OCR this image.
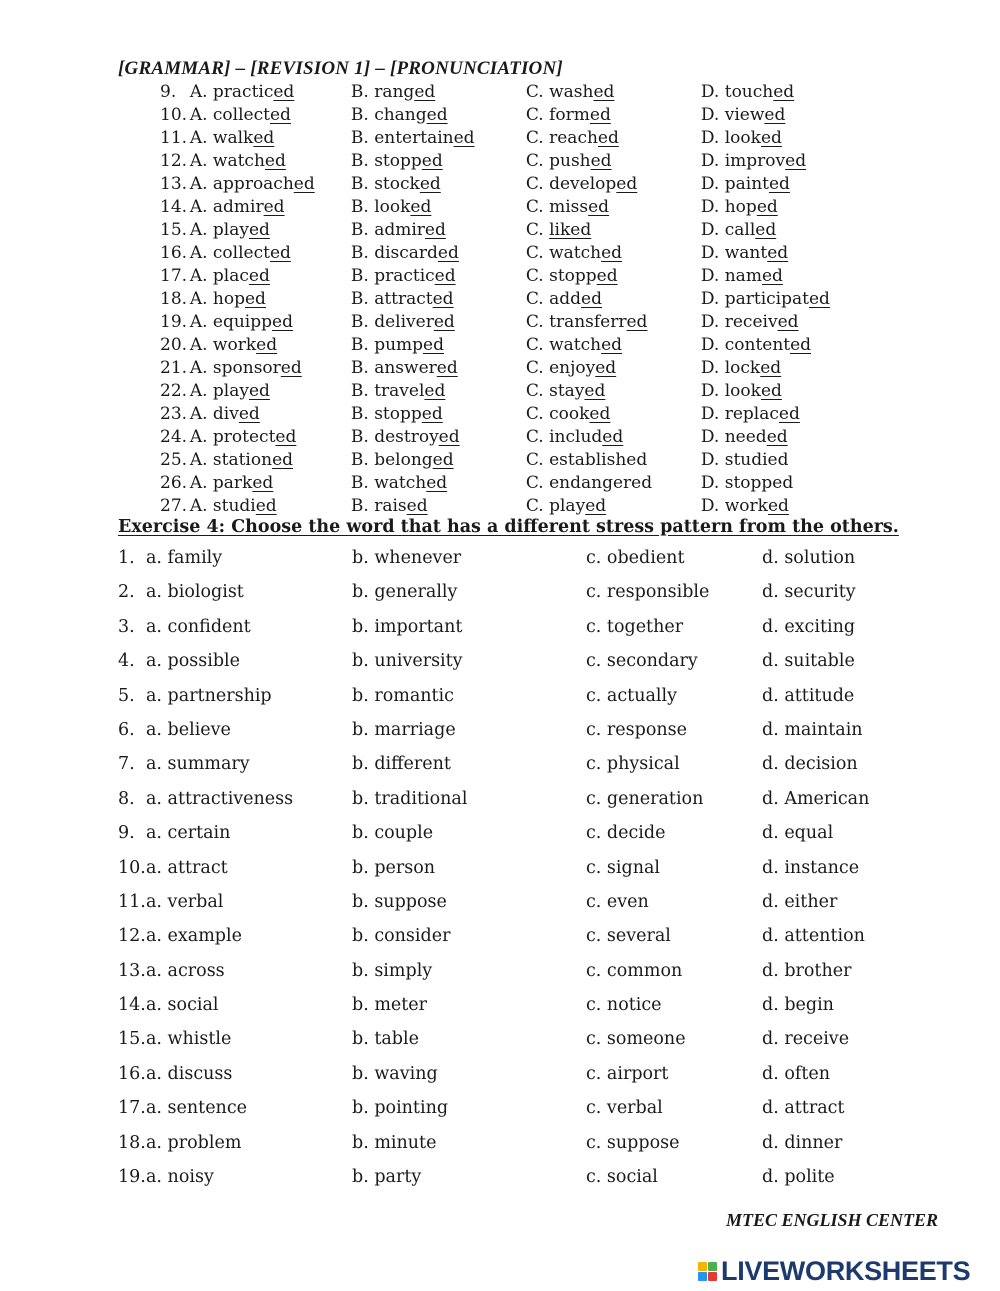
[GRAMMAR] – [REVISION 1] – [PRONUNCIATION]
9. A. practiced	B. ranged	C. washed	D. touched
10. A. collected	B. changed	C. formed	D. viewed
11. A. walked	B. entertained	C. reached	D. looked
12. A. watched	B. stopped	C. pushed	D. improved
13. A. approached	B. stocked	C. developed	D. painted
14. A. admired	B. looked	C. missed	D. hoped
15. A. played	B. admired	C. liked	D. called
16. A. collected	B. discarded	C. watched	D. wanted
17. A. placed	B. practiced	C. stopped	D. named
18. A. hoped	B. attracted	C. added	D. participated
19. A. equipped	B. delivered	C. transferred	D. received
20. A. worked	B. pumped	C. watched	D. contented
21. A. sponsored	B. answered	C. enjoyed	D. locked
22. A. played	B. traveled	C. stayed	D. looked
23. A. dived	B. stopped	C. cooked	D. replaced
24. A. protected	B. destroyed	C. included	D. needed
25. A. stationed	B. belonged	C. established	D. studied
26. A. parked	B. watched	C. endangered	D. stopped
27. A. studied	B. raised	C. played	D. worked
Exercise 4: Choose the word that has a different stress pattern from the others.
1. a. family	b. whenever	c. obedient	d. solution
2. a. biologist	b. generally	c. responsible	d. security
3. a. confident	b. important	c. together	d. exciting
4. a. possible	b. university	c. secondary	d. suitable
5. a. partnership	b. romantic	c. actually	d. attitude
6. a. believe	b. marriage	c. response	d. maintain
7. a. summary	b. different	c. physical	d. decision
8. a. attractiveness	b. traditional	c. generation	d. American
9. a. certain	b. couple	c. decide	d. equal
10. a. attract	b. person	c. signal	d. instance
11. a. verbal	b. suppose	c. even	d. either
12. a. example	b. consider	c. several	d. attention
13. a. across	b. simply	c. common	d. brother
14. a. social	b. meter	c. notice	d. begin
15. a. whistle	b. table	c. someone	d. receive
16. a. discuss	b. waving	c. airport	d. often
17. a. sentence	b. pointing	c. verbal	d. attract
18. a. problem	b. minute	c. suppose	d. dinner
19. a. noisy	b. party	c. social	d. polite
MTEC ENGLISH CENTER
LIVEWORKSHEETS
